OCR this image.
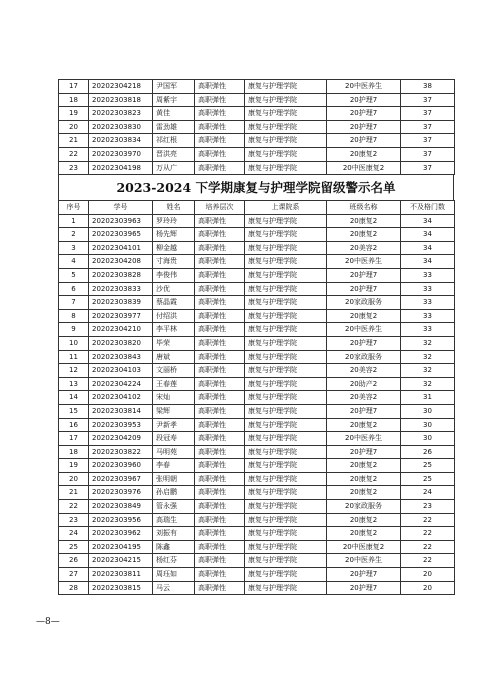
17	20202304218	尹国军	高职弹性	康复与护理学院	20中医养生	38
18	20202303818	周紫宇	高职弹性	康复与护理学院	20护理7	37
19	20202303823	黄佳	高职弹性	康复与护理学院	20护理7	37
20	20202303830	雷劲雄	高职弹性	康复与护理学院	20护理7	37
21	20202303834	祁红根	高职弹性	康复与护理学院	20护理7	37
22	20202303970	晋洪亮	高职弹性	康复与护理学院	20康复2	37
23	20202304198	万从广	高职弹性	康复与护理学院	20中医康复2	37
2023-2024 下学期康复与护理学院留级警示名单
序号	学号	姓名	培养层次	上课院系	班级名称	不及格门数
1	20202303963	罗玲玲	高职弹性	康复与护理学院	20康复2	34
2	20202303965	杨先辉	高职弹性	康复与护理学院	20康复2	34
3	20202304101	柳金越	高职弹性	康复与护理学院	20美容2	34
4	20202304208	寸海贵	高职弹性	康复与护理学院	20中医养生	34
5	20202303828	李俊伟	高职弹性	康复与护理学院	20护理7	33
6	20202303833	沙优	高职弹性	康复与护理学院	20护理7	33
7	20202303839	蔡晶霞	高职弹性	康复与护理学院	20家政服务	33
8	20202303977	付绍洪	高职弹性	康复与护理学院	20康复2	33
9	20202304210	李平林	高职弹性	康复与护理学院	20中医养生	33
10	20202303820	毕荣	高职弹性	康复与护理学院	20护理7	32
11	20202303843	唐斌	高职弹性	康复与护理学院	20家政服务	32
12	20202304103	文丽桥	高职弹性	康复与护理学院	20美容2	32
13	20202304224	王春莲	高职弹性	康复与护理学院	20助产2	32
14	20202304102	宋灿	高职弹性	康复与护理学院	20美容2	31
15	20202303814	梁辉	高职弹性	康复与护理学院	20护理7	30
16	20202303953	尹新孝	高职弹性	康复与护理学院	20康复2	30
17	20202304209	段冠寿	高职弹性	康复与护理学院	20中医养生	30
18	20202303822	马明苑	高职弹性	康复与护理学院	20护理7	26
19	20202303960	李春	高职弹性	康复与护理学院	20康复2	25
20	20202303967	张明朝	高职弹性	康复与护理学院	20康复2	25
21	20202303976	孙启鹏	高职弹性	康复与护理学院	20康复2	24
22	20202303849	管永强	高职弹性	康复与护理学院	20家政服务	23
23	20202303956	高瑞生	高职弹性	康复与护理学院	20康复2	22
24	20202303962	刘振有	高职弹性	康复与护理学院	20康复2	22
25	20202304195	陈鑫	高职弹性	康复与护理学院	20中医康复2	22
26	20202304215	杨红芬	高职弹性	康复与护理学院	20中医养生	22
27	20202303811	周珏如	高职弹性	康复与护理学院	20护理7	20
28	20202303815	马云	高职弹性	康复与护理学院	20护理7	20
—8—
